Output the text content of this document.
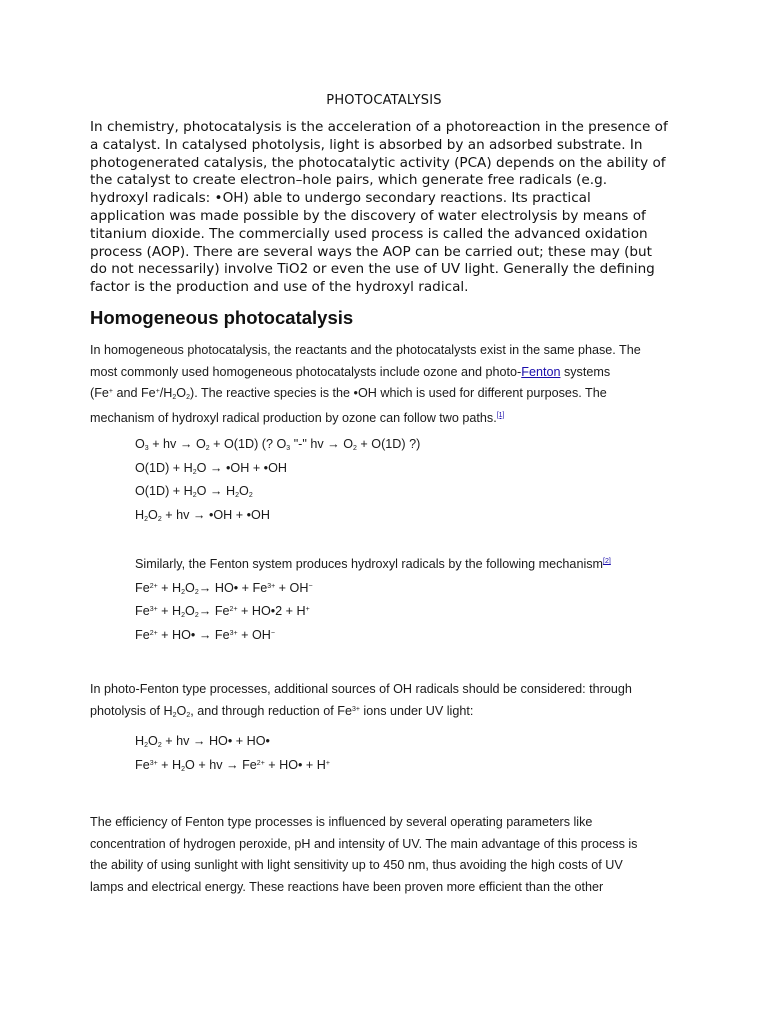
PHOTOCATALYSIS

In chemistry, photocatalysis is the acceleration of a photoreaction in the presence of
a catalyst. In catalysed photolysis, light is absorbed by an adsorbed substrate. In
photogenerated catalysis, the photocatalytic activity (PCA) depends on the ability of
the catalyst to create electron–hole pairs, which generate free radicals (e.g.
hydroxyl radicals: •OH) able to undergo secondary reactions. Its practical
application was made possible by the discovery of water electrolysis by means of
titanium dioxide. The commercially used process is called the advanced oxidation
process (AOP). There are several ways the AOP can be carried out; these may (but
do not necessarily) involve TiO2 or even the use of UV light. Generally the defining
factor is the production and use of the hydroxyl radical.

Homogeneous photocatalysis

In homogeneous photocatalysis, the reactants and the photocatalysts exist in the same phase. The
most commonly used homogeneous photocatalysts include ozone and photo-Fenton systems
(Fe+ and $Fe^+/H_2O_2$). The reactive species is the •OH which is used for different purposes. The
mechanism of hydroxyl radical production by ozone can follow two paths.[1]

$O_3$ + hv → $O_2 + O(1D)$ (? $O_3$ "-" hv → $O_2 + O(1D)$ ?)
$O(1D) + H_2O$ → •OH + •OH
$O(1D) + H_2O \to H_2O_2$
$H_2O_2$ + hv → •OH + •OH

Similarly, the Fenton system produces hydroxyl radicals by the following mechanism[2]
$Fe^{2+} + H_2O_2\to$ HO• + $Fe^{3+} + OH^-$
$Fe^{3+} + H_2O_2\to Fe^{2+}$ + HO•2 + H+
$Fe^{2+}$ + HO• → $Fe^{3+} + OH^-$

In photo-Fenton type processes, additional sources of OH radicals should be considered: through
photolysis of $H_2O_2$, and through reduction of $Fe^{3+}$ ions under UV light:

$H_2O_2$ + hv → HO• + HO•
$Fe^{3+} + H_2O$ + hv → $Fe^{2+}$ + HO• + H+

The efficiency of Fenton type processes is influenced by several operating parameters like
concentration of hydrogen peroxide, pH and intensity of UV. The main advantage of this process is
the ability of using sunlight with light sensitivity up to 450 nm, thus avoiding the high costs of UV
lamps and electrical energy. These reactions have been proven more efficient than the other
